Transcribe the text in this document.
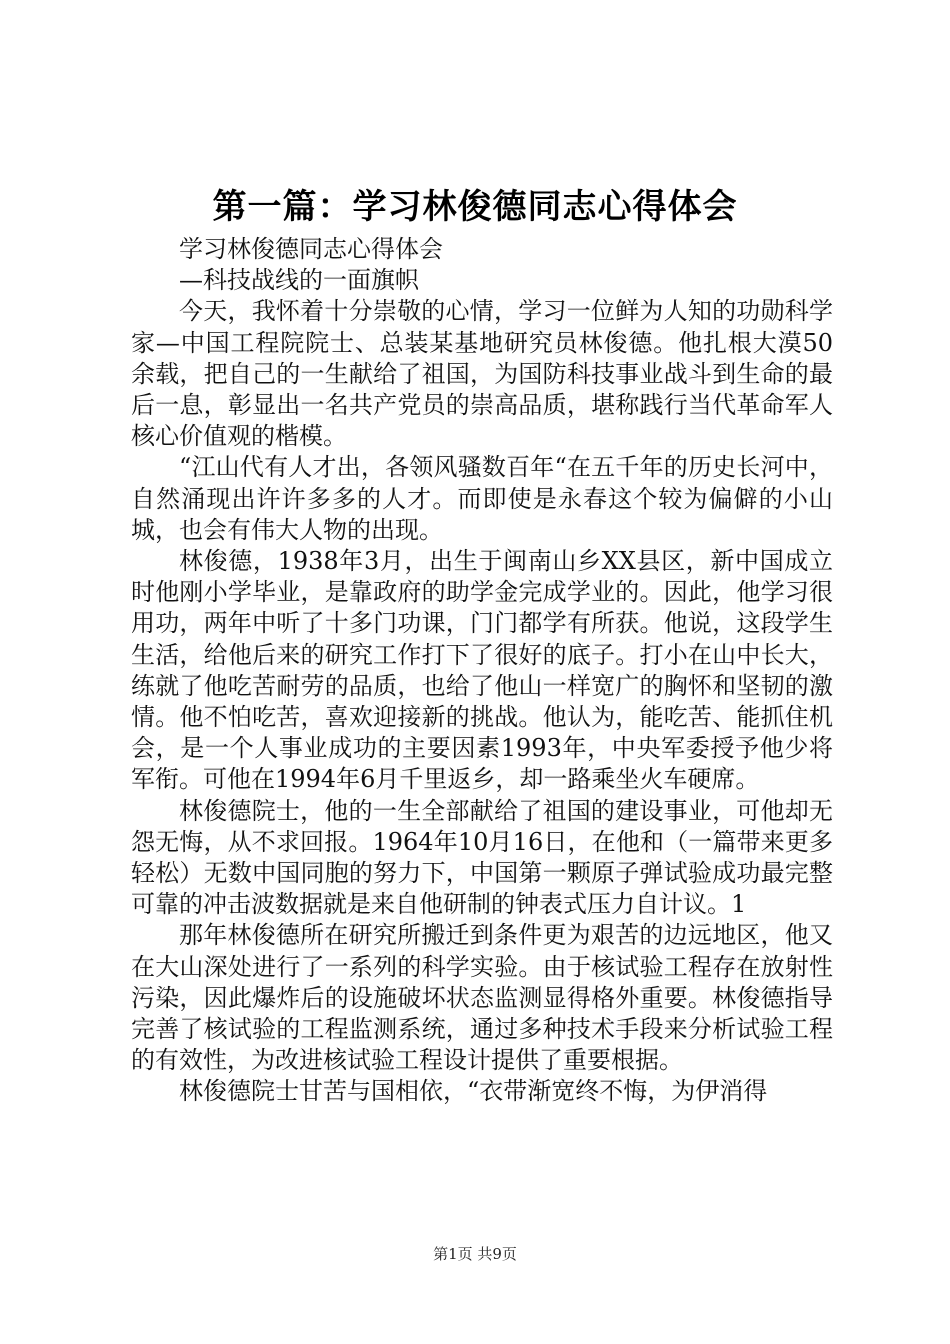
第一篇：学习林俊德同志心得体会

学习林俊德同志心得体会

—科技战线的一面旗帜

今天，我怀着十分崇敬的心情，学习一位鲜为人知的功勋科学家—中国工程院院士、总装某基地研究员林俊德。他扎根大漠50余载，把自己的一生献给了祖国，为国防科技事业战斗到生命的最后一息，彰显出一名共产党员的崇高品质，堪称践行当代革命军人核心价值观的楷模。

“江山代有人才出，各领风骚数百年“在五千年的历史长河中，自然涌现出许许多多的人才。而即使是永春这个较为偏僻的小山城，也会有伟大人物的出现。

林俊德，1938年3月，出生于闽南山乡XX县区，新中国成立时他刚小学毕业，是靠政府的助学金完成学业的。因此，他学习很用功，两年中听了十多门功课，门门都学有所获。他说，这段学生生活，给他后来的研究工作打下了很好的底子。打小在山中长大，练就了他吃苦耐劳的品质，也给了他山一样宽广的胸怀和坚韧的激情。他不怕吃苦，喜欢迎接新的挑战。他认为，能吃苦、能抓住机会，是一个人事业成功的主要因素1993年，中央军委授予他少将军衔。可他在1994年6月千里返乡，却一路乘坐火车硬席。

林俊德院士，他的一生全部献给了祖国的建设事业，可他却无怨无悔，从不求回报。1964年10月16日，在他和（一篇带来更多轻松）无数中国同胞的努力下，中国第一颗原子弹试验成功最完整可靠的冲击波数据就是来自他研制的钟表式压力自计议。1

那年林俊德所在研究所搬迁到条件更为艰苦的边远地区，他又在大山深处进行了一系列的科学实验。由于核试验工程存在放射性污染，因此爆炸后的设施破坏状态监测显得格外重要。林俊德指导完善了核试验的工程监测系统，通过多种技术手段来分析试验工程的有效性，为改进核试验工程设计提供了重要根据。

林俊德院士甘苦与国相依，“衣带渐宽终不悔，为伊消得

第1页 共9页
